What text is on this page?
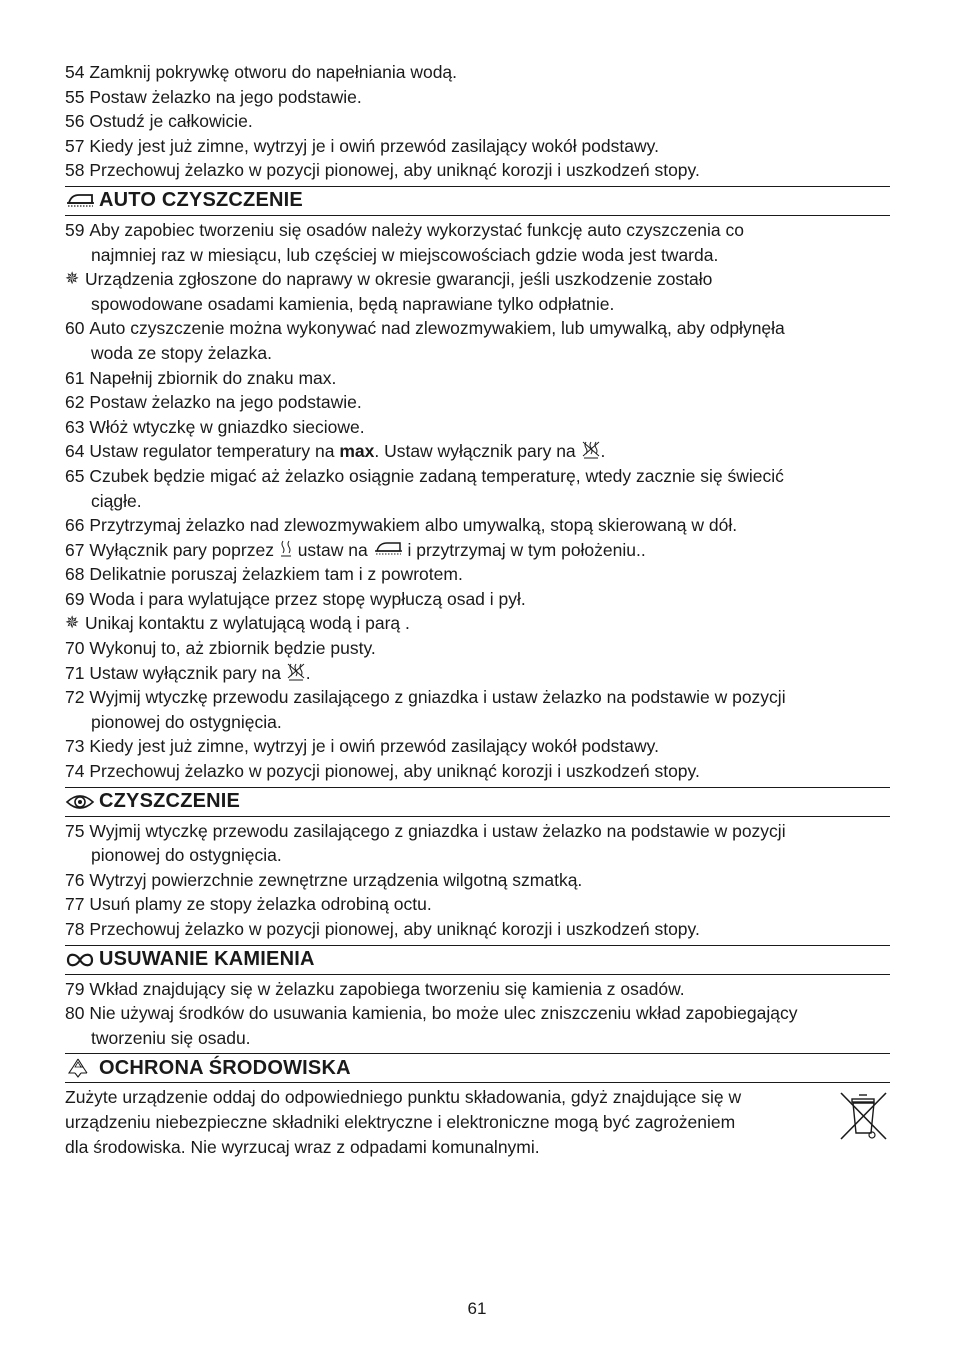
54 Zamknij pokrywkę otworu do napełniania wodą.
55 Postaw żelazko na jego podstawie.
56 Ostudź je całkowicie.
57 Kiedy jest już zimne, wytrzyj je i owiń przewód zasilający wokół podstawy.
58 Przechowuj żelazko w pozycji pionowej, aby uniknąć korozji i uszkodzeń stopy.
AUTO CZYSZCZENIE
59 Aby zapobiec tworzeniu się osadów należy wykorzystać funkcję auto czyszczenia co
najmniej raz w miesiącu, lub częściej w miejscowościach gdzie woda jest twarda.
✵ Urządzenia zgłoszone do naprawy w okresie gwarancji, jeśli uszkodzenie zostało
spowodowane osadami kamienia, będą naprawiane tylko odpłatnie.
60 Auto czyszczenie można wykonywać nad zlewozmywakiem, lub umywalką, aby odpłynęła
woda ze stopy żelazka.
61 Napełnij zbiornik do znaku max.
62 Postaw żelazko na jego podstawie.
63 Włóż wtyczkę w gniazdko sieciowe.
64 Ustaw regulator temperatury na max. Ustaw wyłącznik pary na .
65 Czubek będzie migać aż żelazko osiągnie zadaną temperaturę, wtedy zacznie się świecić
ciągłe.
66 Przytrzymaj żelazko nad zlewozmywakiem albo umywalką, stopą skierowaną w dół.
67 Wyłącznik pary poprzez  ustaw na  i przytrzymaj w tym położeniu..
68 Delikatnie poruszaj żelazkiem tam i z powrotem.
69 Woda i para wylatujące przez stopę wypłuczą osad i pył.
✵ Unikaj kontaktu z wylatującą wodą i parą .
70 Wykonuj to, aż zbiornik będzie pusty.
71 Ustaw wyłącznik pary na .
72 Wyjmij wtyczkę przewodu zasilającego z gniazdka i ustaw żelazko na podstawie w pozycji
pionowej do ostygnięcia.
73 Kiedy jest już zimne, wytrzyj je i owiń przewód zasilający wokół podstawy.
74 Przechowuj żelazko w pozycji pionowej, aby uniknąć korozji i uszkodzeń stopy.
CZYSZCZENIE
75 Wyjmij wtyczkę przewodu zasilającego z gniazdka i ustaw żelazko na podstawie w pozycji
pionowej do ostygnięcia.
76 Wytrzyj powierzchnie zewnętrzne urządzenia wilgotną szmatką.
77 Usuń plamy ze stopy żelazka odrobiną octu.
78 Przechowuj żelazko w pozycji pionowej, aby uniknąć korozji i uszkodzeń stopy.
USUWANIE KAMIENIA
79 Wkład znajdujący się w żelazku zapobiega tworzeniu się kamienia z osadów.
80 Nie używaj środków do usuwania kamienia, bo może ulec zniszczeniu wkład zapobiegający
tworzeniu się osadu.
OCHRONA ŚRODOWISKA
Zużyte urządzenie oddaj do odpowiedniego punktu składowania, gdyż znajdujące się w
urządzeniu niebezpieczne składniki elektryczne i elektroniczne mogą być zagrożeniem
dla środowiska. Nie wyrzucaj wraz z odpadami komunalnymi.
61
